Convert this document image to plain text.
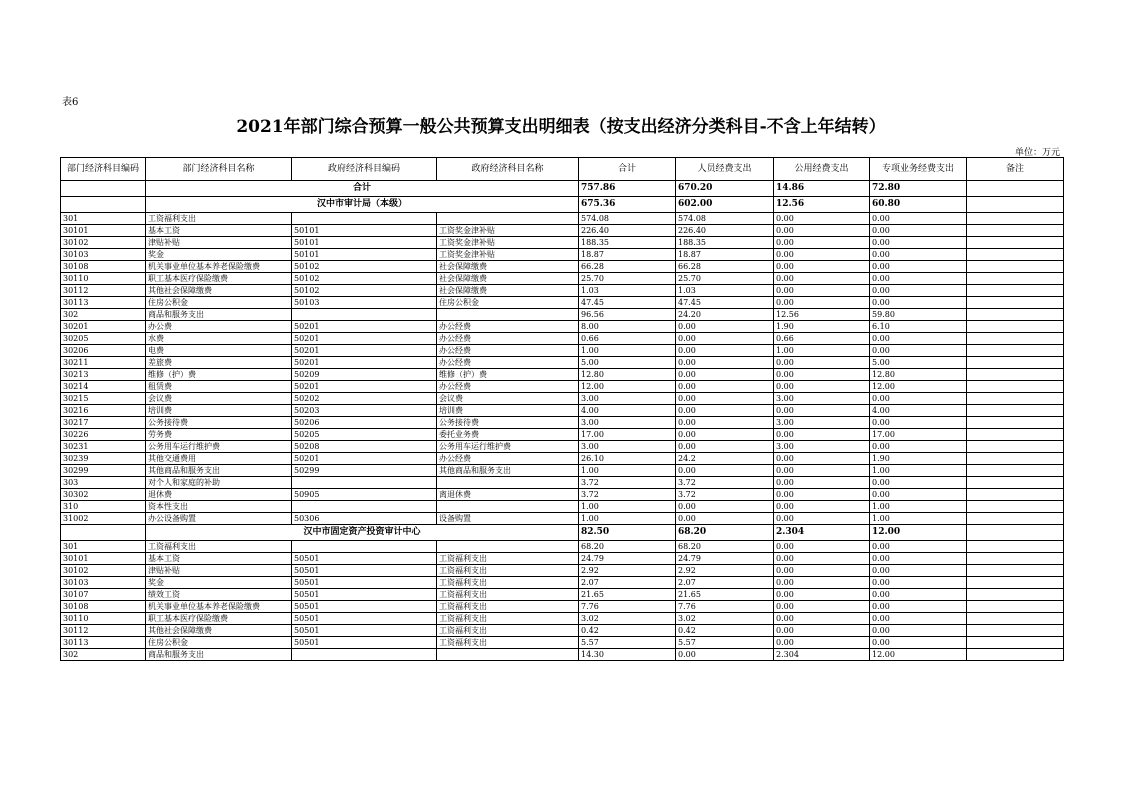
表6
2021年部门综合预算一般公共预算支出明细表（按支出经济分类科目-不含上年结转）
单位：万元
部门经济科目编码	部门经济科目名称	政府经济科目编码	政府经济科目名称	合计	人员经费支出	公用经费支出	专项业务经费支出	备注
	合计			757.86	670.20	14.86	72.80	
	汉中市审计局（本级）			675.36	602.00	12.56	60.80	
301	工资福利支出			574.08	574.08	0.00	0.00	
30101	基本工资	50101	工资奖金津补贴	226.40	226.40	0.00	0.00	
30102	津贴补贴	50101	工资奖金津补贴	188.35	188.35	0.00	0.00	
30103	奖金	50101	工资奖金津补贴	18.87	18.87	0.00	0.00	
30108	机关事业单位基本养老保险缴费	50102	社会保障缴费	66.28	66.28	0.00	0.00	
30110	职工基本医疗保险缴费	50102	社会保障缴费	25.70	25.70	0.00	0.00	
30112	其他社会保障缴费	50102	社会保障缴费	1.03	1.03	0.00	0.00	
30113	住房公积金	50103	住房公积金	47.45	47.45	0.00	0.00	
302	商品和服务支出			96.56	24.20	12.56	59.80	
30201	办公费	50201	办公经费	8.00	0.00	1.90	6.10	
30205	水费	50201	办公经费	0.66	0.00	0.66	0.00	
30206	电费	50201	办公经费	1.00	0.00	1.00	0.00	
30211	差旅费	50201	办公经费	5.00	0.00	0.00	5.00	
30213	维修（护）费	50209	维修（护）费	12.80	0.00	0.00	12.80	
30214	租赁费	50201	办公经费	12.00	0.00	0.00	12.00	
30215	会议费	50202	会议费	3.00	0.00	3.00	0.00	
30216	培训费	50203	培训费	4.00	0.00	0.00	4.00	
30217	公务接待费	50206	公务接待费	3.00	0.00	3.00	0.00	
30226	劳务费	50205	委托业务费	17.00	0.00	0.00	17.00	
30231	公务用车运行维护费	50208	公务用车运行维护费	3.00	0.00	3.00	0.00	
30239	其他交通费用	50201	办公经费	26.10	24.2	0.00	1.90	
30299	其他商品和服务支出	50299	其他商品和服务支出	1.00	0.00	0.00	1.00	
303	对个人和家庭的补助			3.72	3.72	0.00	0.00	
30302	退休费	50905	离退休费	3.72	3.72	0.00	0.00	
310	资本性支出			1.00	0.00	0.00	1.00	
31002	办公设备购置	50306	设备购置	1.00	0.00	0.00	1.00	
	汉中市固定资产投资审计中心			82.50	68.20	2.304	12.00	
301	工资福利支出			68.20	68.20	0.00	0.00	
30101	基本工资	50501	工资福利支出	24.79	24.79	0.00	0.00	
30102	津贴补贴	50501	工资福利支出	2.92	2.92	0.00	0.00	
30103	奖金	50501	工资福利支出	2.07	2.07	0.00	0.00	
30107	绩效工资	50501	工资福利支出	21.65	21.65	0.00	0.00	
30108	机关事业单位基本养老保险缴费	50501	工资福利支出	7.76	7.76	0.00	0.00	
30110	职工基本医疗保险缴费	50501	工资福利支出	3.02	3.02	0.00	0.00	
30112	其他社会保障缴费	50501	工资福利支出	0.42	0.42	0.00	0.00	
30113	住房公积金	50501	工资福利支出	5.57	5.57	0.00	0.00	
302	商品和服务支出			14.30	0.00	2.304	12.00	
